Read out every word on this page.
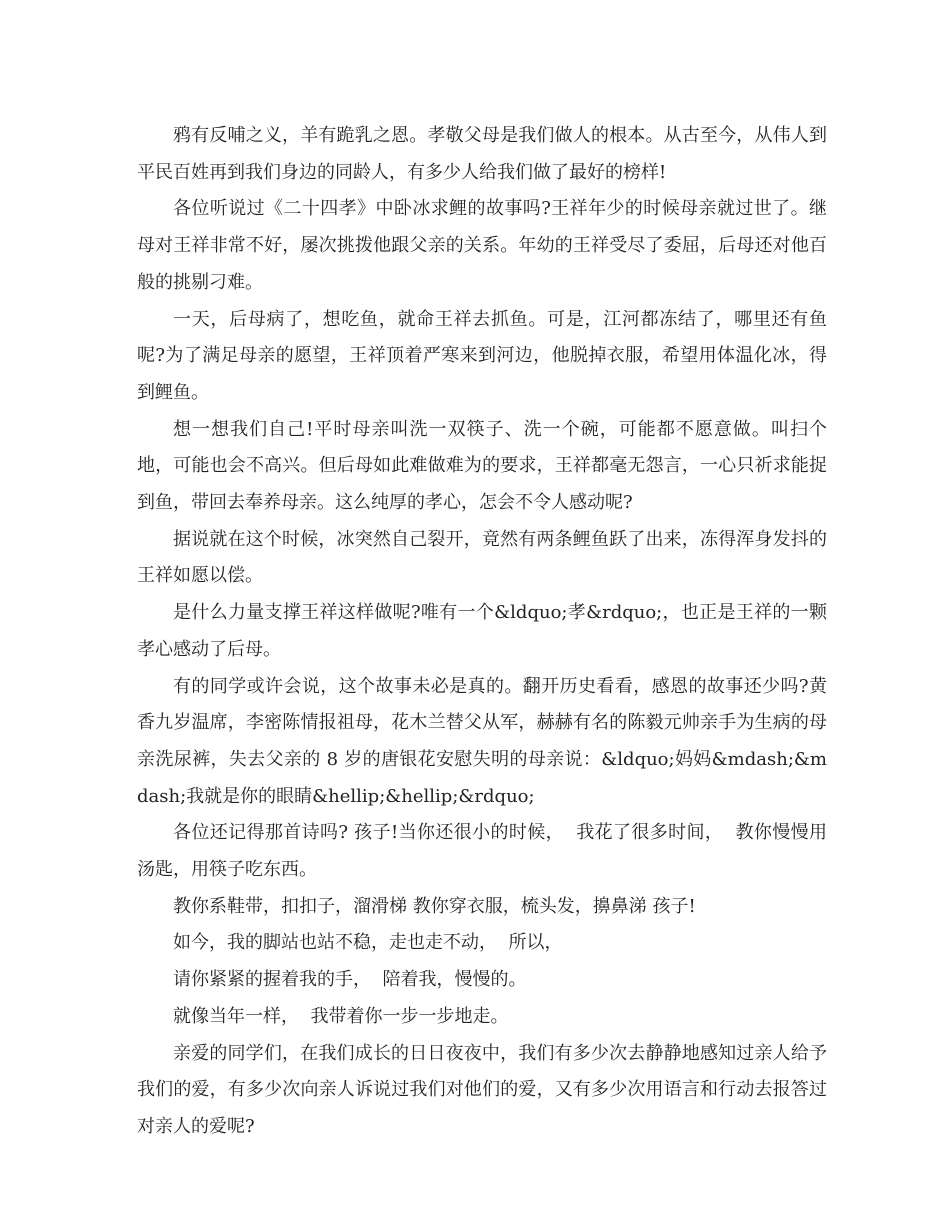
鸦有反哺之义，羊有跪乳之恩。孝敬父母是我们做人的根本。从古至今，从伟人到平民百姓再到我们身边的同龄人，有多少人给我们做了最好的榜样!

各位听说过《二十四孝》中卧冰求鲤的故事吗?王祥年少的时候母亲就过世了。继母对王祥非常不好，屡次挑拨他跟父亲的关系。年幼的王祥受尽了委屈，后母还对他百般的挑剔刁难。

一天，后母病了，想吃鱼，就命王祥去抓鱼。可是，江河都冻结了，哪里还有鱼呢?为了满足母亲的愿望，王祥顶着严寒来到河边，他脱掉衣服，希望用体温化冰，得到鲤鱼。

想一想我们自己!平时母亲叫洗一双筷子、洗一个碗，可能都不愿意做。叫扫个地，可能也会不高兴。但后母如此难做难为的要求，王祥都毫无怨言，一心只祈求能捉到鱼，带回去奉养母亲。这么纯厚的孝心，怎会不令人感动呢?

据说就在这个时候，冰突然自己裂开，竟然有两条鲤鱼跃了出来，冻得浑身发抖的王祥如愿以偿。

是什么力量支撑王祥这样做呢?唯有一个&ldquo;孝&rdquo;，也正是王祥的一颗孝心感动了后母。

有的同学或许会说，这个故事未必是真的。翻开历史看看，感恩的故事还少吗?黄香九岁温席，李密陈情报祖母，花木兰替父从军，赫赫有名的陈毅元帅亲手为生病的母亲洗尿裤，失去父亲的 8 岁的唐银花安慰失明的母亲说：&ldquo;妈妈&mdash;&mdash;我就是你的眼睛&hellip;&hellip;&rdquo;

各位还记得那首诗吗? 孩子!当你还很小的时候，  我花了很多时间，  教你慢慢用汤匙，用筷子吃东西。

教你系鞋带，扣扣子，溜滑梯 教你穿衣服，梳头发，擤鼻涕 孩子!

如今，我的脚站也站不稳，走也走不动，  所以，

请你紧紧的握着我的手，  陪着我，慢慢的。

就像当年一样，  我带着你一步一步地走。

亲爱的同学们，在我们成长的日日夜夜中，我们有多少次去静静地感知过亲人给予我们的爱，有多少次向亲人诉说过我们对他们的爱，又有多少次用语言和行动去报答过对亲人的爱呢?
